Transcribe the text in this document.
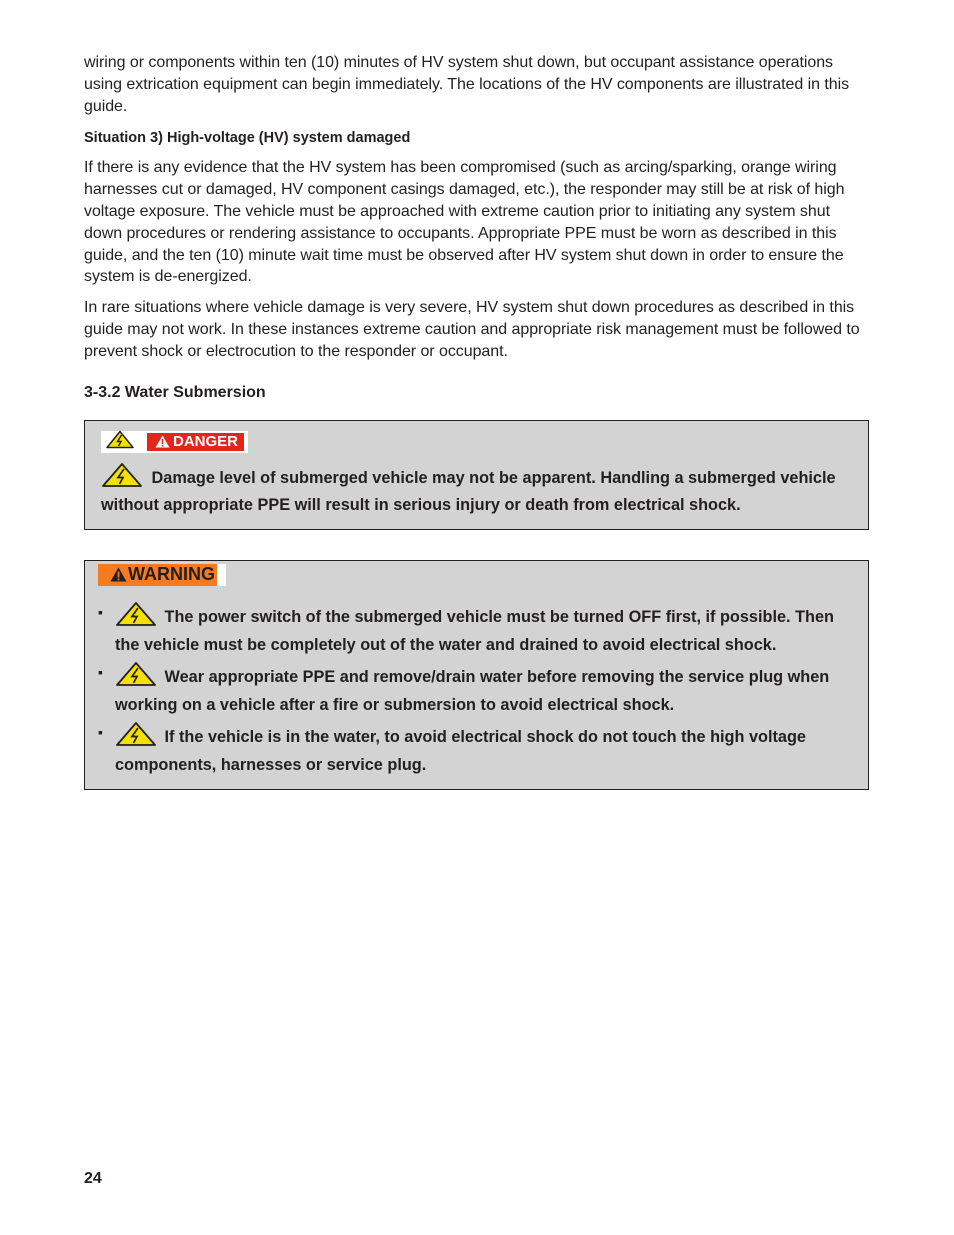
wiring or components within ten (10) minutes of HV system shut down, but occupant assistance operations using extrication equipment can begin immediately. The locations of the HV components are illustrated in this guide.

Situation 3) High-voltage (HV) system damaged

If there is any evidence that the HV system has been compromised (such as arcing/sparking, orange wiring harnesses cut or damaged, HV component casings damaged, etc.), the responder may still be at risk of high voltage exposure. The vehicle must be approached with extreme caution prior to initiating any system shut down procedures or rendering assistance to occupants. Appropriate PPE must be worn as described in this guide, and the ten (10) minute wait time must be observed after HV system shut down in order to ensure the system is de-energized.

In rare situations where vehicle damage is very severe, HV system shut down procedures as described in this guide may not work. In these instances extreme caution and appropriate risk management must be followed to prevent shock or electrocution to the responder or occupant.

3-3.2 Water Submersion
DANGER
Damage level of submerged vehicle may not be apparent. Handling a submerged vehicle without appropriate PPE will result in serious injury or death from electrical shock.
WARNING
▪	The power switch of the submerged vehicle must be turned OFF first, if possible. Then the vehicle must be completely out of the water and drained to avoid electrical shock.
▪	Wear appropriate PPE and remove/drain water before removing the service plug when working on a vehicle after a fire or submersion to avoid electrical shock.
▪	If the vehicle is in the water, to avoid electrical shock do not touch the high voltage components, harnesses or service plug.
24
